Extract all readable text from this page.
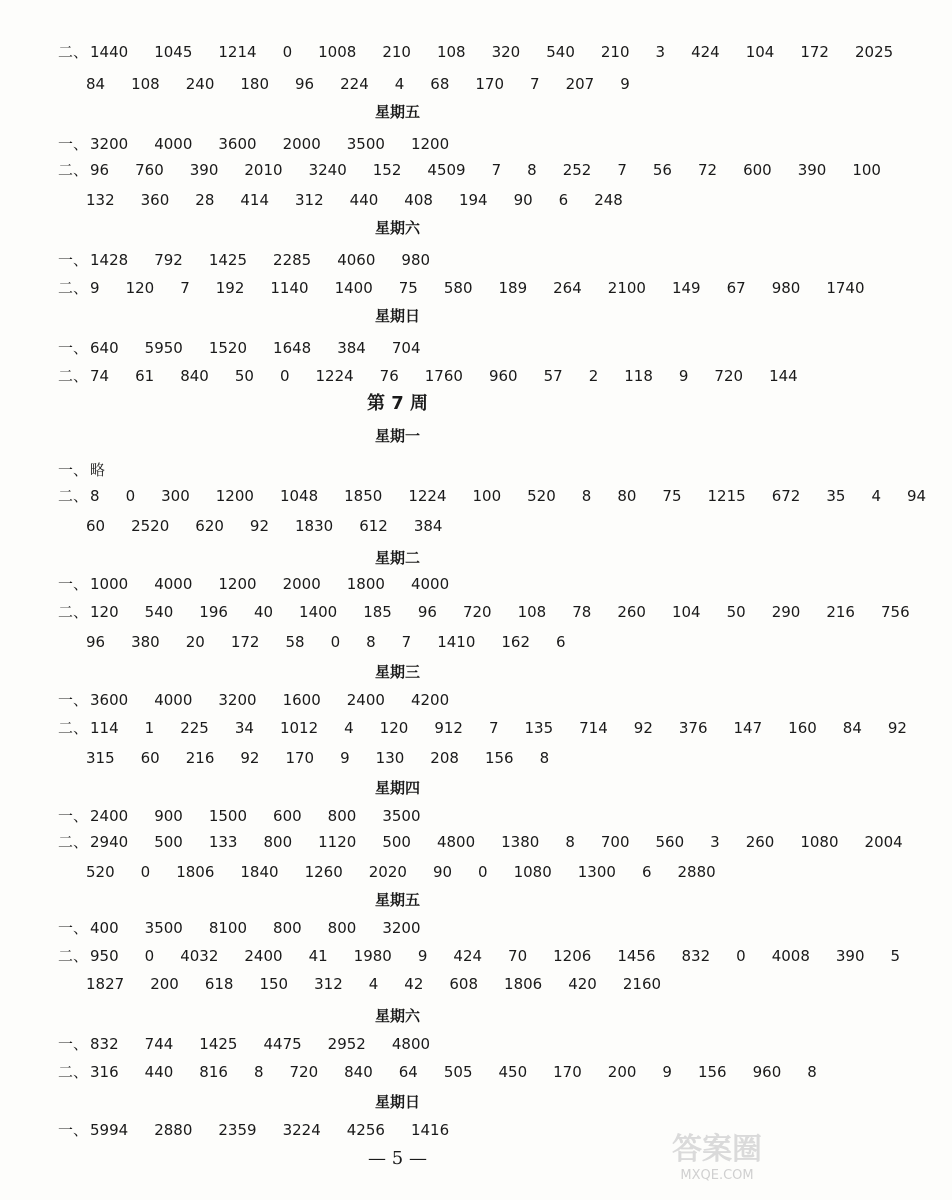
二、 1440 1045 1214 0 1008 210 108 320 540 210 3 424 104 172 2025
84 108 240 180 96 224 4 68 170 7 207 9
星期五
一、 3200 4000 3600 2000 3500 1200
二、 96 760 390 2010 3240 152 4509 7 8 252 7 56 72 600 390 100
132 360 28 414 312 440 408 194 90 6 248
星期六
一、 1428 792 1425 2285 4060 980
二、 9 120 7 192 1140 1400 75 580 189 264 2100 149 67 980 1740
星期日
一、 640 5950 1520 1648 384 704
二、 74 61 840 50 0 1224 76 1760 960 57 2 118 9 720 144
第 7 周
星期一
一、 略
二、 8 0 300 1200 1048 1850 1224 100 520 8 80 75 1215 672 35 4 94
60 2520 620 92 1830 612 384
星期二
一、 1000 4000 1200 2000 1800 4000
二、 120 540 196 40 1400 185 96 720 108 78 260 104 50 290 216 756
96 380 20 172 58 0 8 7 1410 162 6
星期三
一、 3600 4000 3200 1600 2400 4200
二、 114 1 225 34 1012 4 120 912 7 135 714 92 376 147 160 84 92
315 60 216 92 170 9 130 208 156 8
星期四
一、 2400 900 1500 600 800 3500
二、 2940 500 133 800 1120 500 4800 1380 8 700 560 3 260 1080 2004
520 0 1806 1840 1260 2020 90 0 1080 1300 6 2880
星期五
一、 400 3500 8100 800 800 3200
二、 950 0 4032 2400 41 1980 9 424 70 1206 1456 832 0 4008 390 5
1827 200 618 150 312 4 42 608 1806 420 2160
星期六
一、 832 744 1425 4475 2952 4800
二、 316 440 816 8 720 840 64 505 450 170 200 9 156 960 8
星期日
一、 5994 2880 2359 3224 4256 1416
— 5 —	答案圈
MXQE.COM
